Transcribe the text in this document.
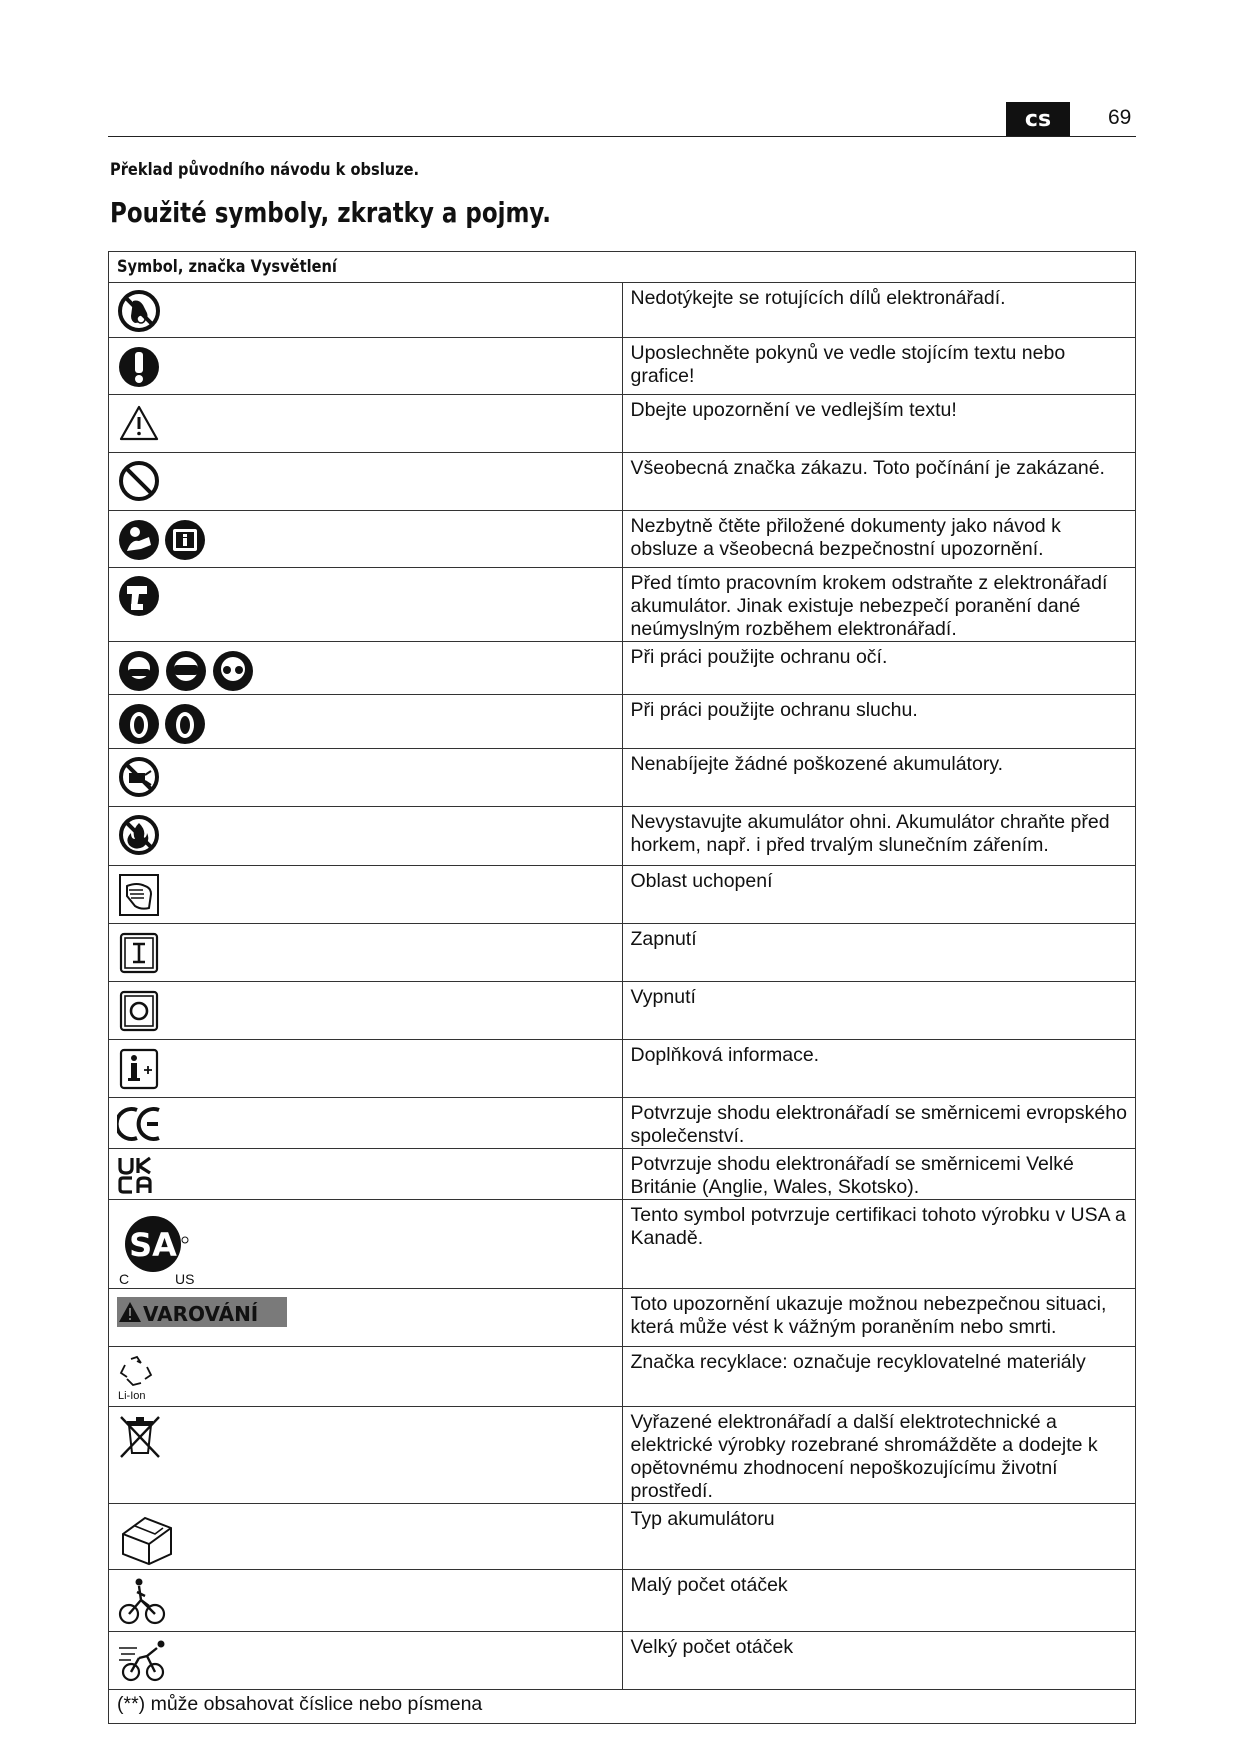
cs	69
Překlad původního návodu k obsluze.
Použité symboly, zkratky a pojmy.
Symbol, značka Vysvětlení	

	Nedotýkejte se rotujících dílů elektronářadí.

	Uposlechněte pokynů ve vedle stojícím textu nebo grafice!

	Dbejte upozornění ve vedlejším textu!

	Všeobecná značka zákazu. Toto počínání je zakázané.

	Nezbytně čtěte přiložené dokumenty jako návod k obsluze a všeobecná bezpečnostní upozornění.

	Před tímto pracovním krokem odstraňte z elektronářadí akumulátor. Jinak existuje nebezpečí poranění dané neúmyslným rozběhem elektronářadí.

	Při práci použijte ochranu očí.

	Při práci použijte ochranu sluchu.

	Nenabíjejte žádné poškozené akumulátory.

	Nevystavujte akumulátor ohni. Akumulátor chraňte před horkem, např. i před trvalým slunečním zářením.

	Oblast uchopení

	Zapnutí

	Vypnutí

	Doplňková informace.

	Potvrzuje shodu elektronářadí se směrnicemi evropského společenství.

	Potvrzuje shodu elektronářadí se směrnicemi Velké Británie (Anglie, Wales, Skotsko).

SA
C US	Tento symbol potvrzuje certifikaci tohoto výrobku v USA a Kanadě.

VAROVÁNÍ	Toto upozornění ukazuje možnou nebezpečnou situaci, která může vést k vážným poraněním nebo smrti.

Li-Ion	Značka recyklace: označuje recyklovatelné materiály

	Vyřazené elektronářadí a další elektrotechnické a elektrické výrobky rozebrané shromážděte a dodejte k opětovnému zhodnocení nepoškozujícímu životní prostředí.

	Typ akumulátoru

	Malý počet otáček

	Velký počet otáček
(**) může obsahovat číslice nebo písmena	
